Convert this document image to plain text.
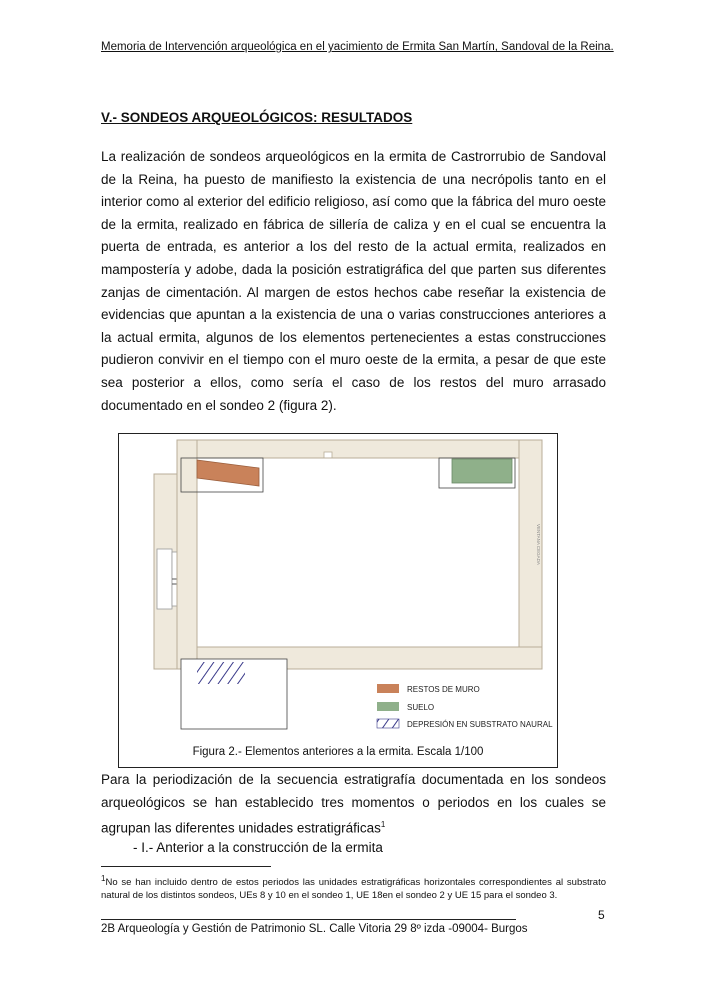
Memoria de Intervención arqueológica en el yacimiento de Ermita San Martín, Sandoval de la Reina.
V.- SONDEOS ARQUEOLÓGICOS: RESULTADOS

La realización de sondeos arqueológicos en la ermita de Castrorrubio de Sandoval de la Reina, ha puesto de manifiesto la existencia de una necrópolis tanto en el interior como al exterior del edificio religioso, así como que la fábrica del muro oeste de la ermita, realizado en fábrica de sillería de caliza y en el cual se encuentra la puerta de entrada, es anterior a los del resto de la actual ermita, realizados en mampostería y adobe, dada la posición estratigráfica del que parten sus diferentes zanjas de cimentación. Al margen de estos hechos cabe reseñar la existencia de evidencias que apuntan a la existencia de una o varias construcciones anteriores a la actual ermita, algunos de los elementos pertenecientes a estas construcciones pudieron convivir en el tiempo con el muro oeste de la ermita, a pesar de que este sea posterior a ellos, como sería el caso de los restos del muro arrasado documentado en el sondeo 2 (figura 2).

VENTANA CEGADA
RESTOS DE MURO
SUELO
DEPRESIÓN EN SUBSTRATO NAURAL
Figura 2.- Elementos anteriores a la ermita. Escala 1/100

Para la periodización de la secuencia estratigrafía documentada en los sondeos arqueológicos se han establecido tres momentos o periodos en los cuales se agrupan las diferentes unidades estratigráficas$^1$

- I.- Anterior a la construcción de la ermita

$^1$No se han incluido dentro de estos periodos las unidades estratigráficas horizontales correspondientes al substrato natural de los distintos sondeos, UEs 8 y 10 en el sondeo 1, UE 18en el sondeo 2 y UE 15 para el sondeo 3.

5
2B Arqueología y Gestión de Patrimonio SL. Calle Vitoria 29 8º izda -09004- Burgos
